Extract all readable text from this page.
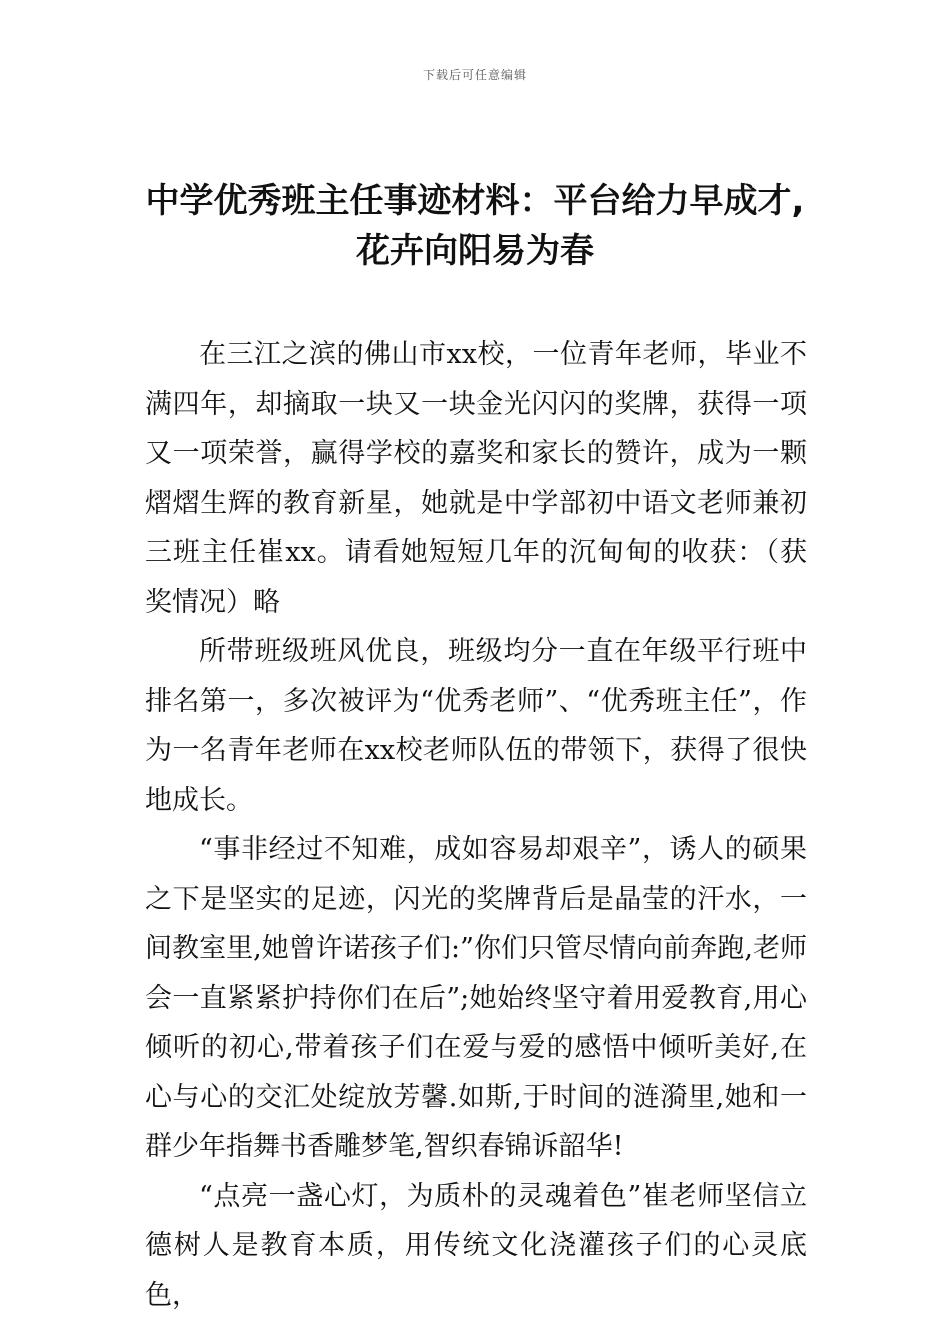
下载后可任意编辑
中学优秀班主任事迹材料：平台给力早成才,花卉向阳易为春

在三江之滨的佛山市xx校，一位青年老师，毕业不满四年，却摘取一块又一块金光闪闪的奖牌，获得一项又一项荣誉，赢得学校的嘉奖和家长的赞许，成为一颗熠熠生辉的教育新星，她就是中学部初中语文老师兼初三班主任崔xx。请看她短短几年的沉甸甸的收获：（获奖情况）略

所带班级班风优良，班级均分一直在年级平行班中排名第一，多次被评为“优秀老师”、“优秀班主任”，作为一名青年老师在xx校老师队伍的带领下，获得了很快地成长。

“事非经过不知难，成如容易却艰辛”，诱人的硕果之下是坚实的足迹，闪光的奖牌背后是晶莹的汗水，一间教室里,她曾许诺孩子们:”你们只管尽情向前奔跑,老师会一直紧紧护持你们在后”;她始终坚守着用爱教育,用心倾听的初心,带着孩子们在爱与爱的感悟中倾听美好,在心与心的交汇处绽放芳馨.如斯,于时间的涟漪里,她和一群少年指舞书香雕梦笔,智织春锦诉韶华!

“点亮一盏心灯，为质朴的灵魂着色”崔老师坚信立德树人是教育本质，用传统文化浇灌孩子们的心灵底色，
